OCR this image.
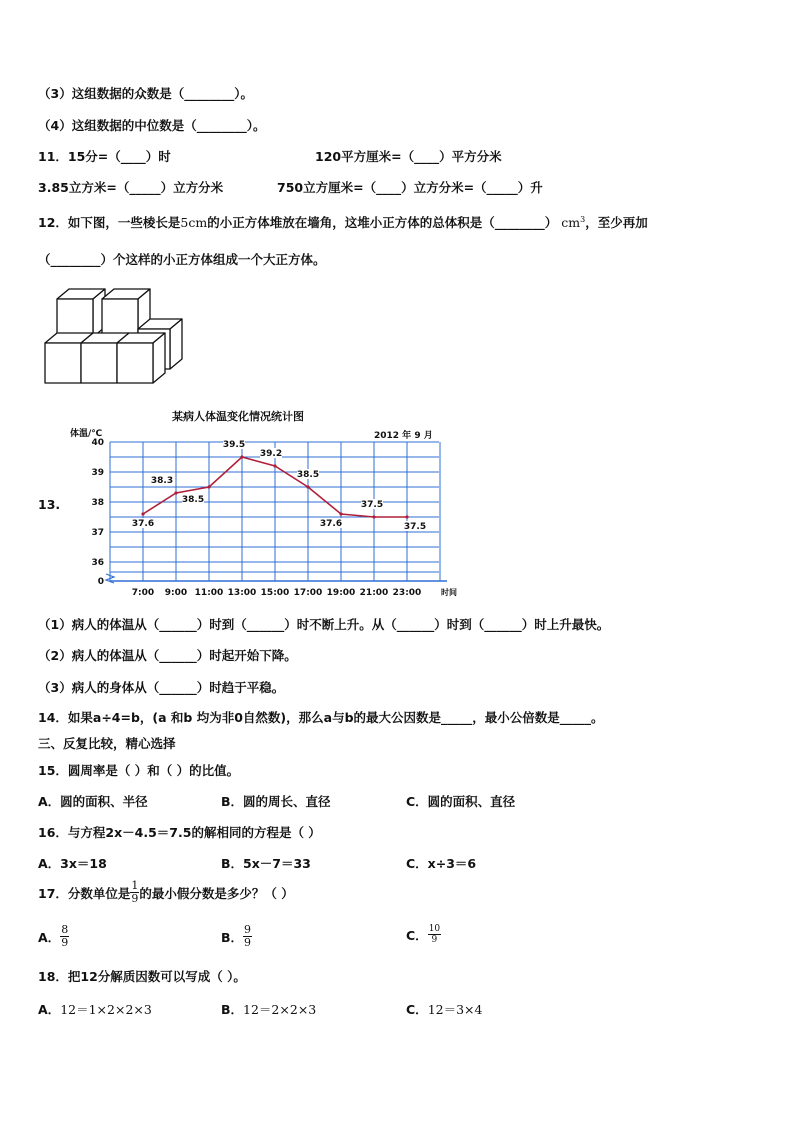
（3）这组数据的众数是（________）。
（4）这组数据的中位数是（________）。
11．15分=（____）时	120平方厘米=（____）平方分米
3.85立方米=（_____）立方分米	750立方厘米=（____）立方分米=（_____）升
12．如下图，一些棱长是5cm的小正方体堆放在墙角，这堆小正方体的总体积是（________） $cm^3$，至少再加
（________）个这样的小正方体组成一个大正方体。
13.
某病人体温变化情况统计图
体温/℃	2012 年 9 月
0
36
37
38
39
40
7:00 9:00 11:00 13:00 15:00 17:00 19:00 21:00 23:00 时间
37.6
38.3
38.5
39.5
39.2
38.5
37.6
37.5
37.5
（1）病人的体温从（______）时到（______）时不断上升。从（______）时到（______）时上升最快。
（2）病人的体温从（______）时起开始下降。
（3）病人的身体从（______）时趋于平稳。
14．如果a÷4=b，(a 和b 均为非0自然数)，那么a与b的最大公因数是_____，最小公倍数是_____。
三、反复比较，精心选择
15．圆周率是（ ）和（ ）的比值。
A．圆的面积、半径	B．圆的周长、直径	C．圆的面积、直径
16．与方程2x－4.5＝7.5的解相同的方程是（ ）
A．3x＝18	B．5x－7＝33	C．x÷3＝6
17．分数单位是 $\frac{1}{9}$ 的最小假分数是多少？（ ）
A． $\frac{8}{9}$	B． $\frac{9}{9}$	C． $\frac{10}{9}$
18．把12分解质因数可以写成（ ）。
A．12＝1×2×2×3	B．12＝2×2×3	C．12＝3×4
